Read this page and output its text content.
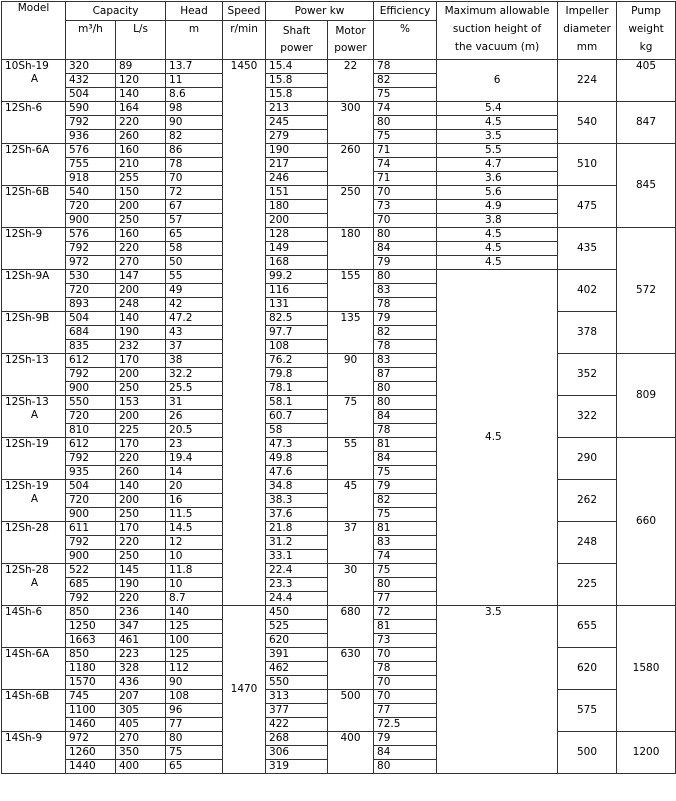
Model	Capacity		Head	Speed	Power kw		Efficiency	Maximum allowable
suction height of
the vacuum (m)	Impeller
diameter
mm	Pump
weight
kg
	m³/h	L/s	m	r/min	Shaft
power	Motor
power	%			
10Sh-19

A	320	89	13.7	1450	15.4	22	78	6	224	405
	432	120	11		15.8		82			
	504	140	8.6		15.8		75			
12Sh-6	590	164	98		213	300	74	5.4	540	847
	792	220	90		245		80	4.5		
	936	260	82		279		75	3.5		
12Sh-6A	576	160	86		190	260	71	5.5	510	845
	755	210	78		217		74	4.7		
	918	255	70		246		71	3.6		
12Sh-6B	540	150	72		151	250	70	5.6	475	
	720	200	67		180		73	4.9		
	900	250	57		200		70	3.8		
12Sh-9	576	160	65		128	180	80	4.5	435	572
	792	220	58		149		84	4.5		
	972	270	50		168		79	4.5		
12Sh-9A	530	147	55		99.2	155	80	4.5	402	
	720	200	49		116		83			
	893	248	42		131		78			
12Sh-9B	504	140	47.2		82.5	135	79		378	
	684	190	43		97.7		82			
	835	232	37		108		78			
12Sh-13	612	170	38		76.2	90	83		352	809
	792	200	32.2		79.8		87			
	900	250	25.5		78.1		80			
12Sh-13

A	550	153	31		58.1	75	80		322	
	720	200	26		60.7		84			
	810	225	20.5		58		78			
12Sh-19	612	170	23		47.3	55	81		290	660
	792	220	19.4		49.8		84			
	935	260	14		47.6		75			
12Sh-19

A	504	140	20		34.8	45	79		262	
	720	200	16		38.3		82			
	900	250	11.5		37.6		75			
12Sh-28	611	170	14.5		21.8	37	81		248	
	792	220	12		31.2		83			
	900	250	10		33.1		74			
12Sh-28

A	522	145	11.8		22.4	30	75		225	
	685	190	10		23.3		80			
	792	220	8.7		24.4		77			
14Sh-6	850	236	140	1470	450	680	72	3.5	655	1580
	1250	347	125		525		81			
	1663	461	100		620		73			
14Sh-6A	850	223	125		391	630	70		620	
	1180	328	112		462		78			
	1570	436	90		550		70			
14Sh-6B	745	207	108		313	500	70		575	
	1100	305	96		377		77			
	1460	405	77		422		72.5			
14Sh-9	972	270	80		268	400	79		500	1200
	1260	350	75		306		84			
	1440	400	65		319		80			
